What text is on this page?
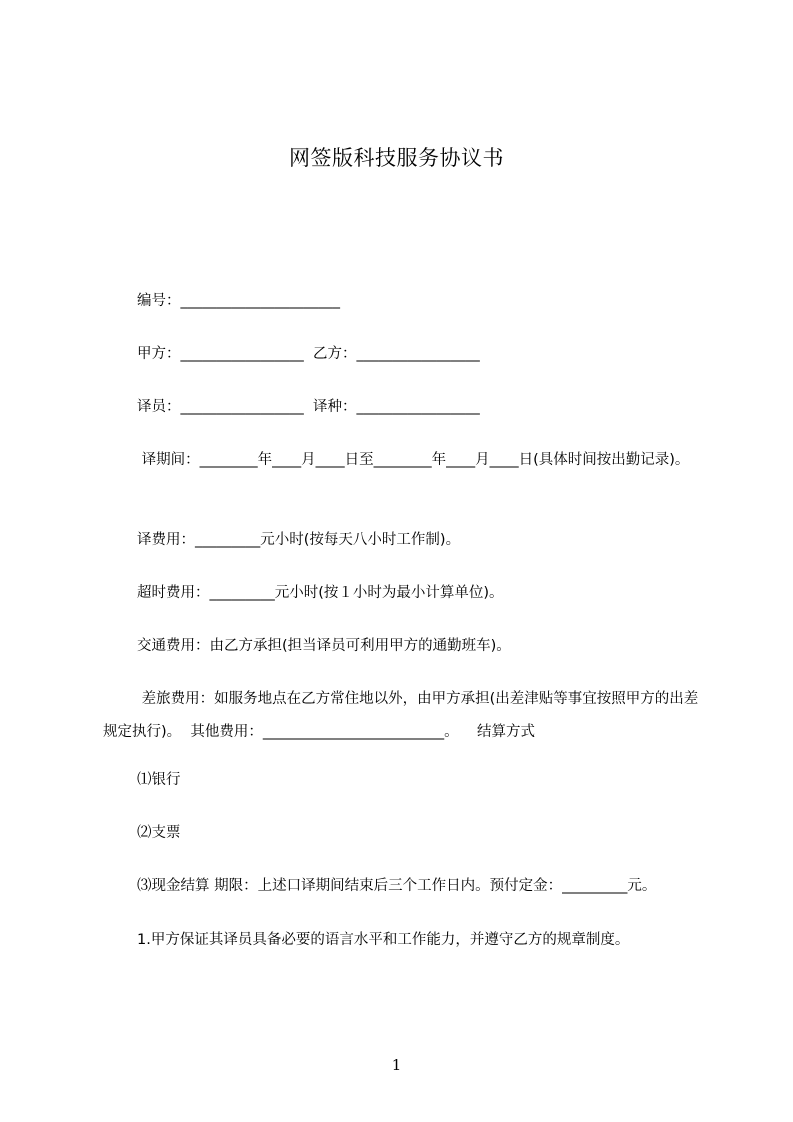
网签版科技服务协议书
编号：______________________
甲方：_________________  乙方：_________________
译员：_________________  译种：_________________
译期间：________年____月____日至________年____月____日(具体时间按出勤记录)。
译费用：_________元小时(按每天八小时工作制)。
超时费用：_________元小时(按１小时为最小计算单位)。
交通费用：由乙方承担(担当译员可利用甲方的通勤班车)。
差旅费用：如服务地点在乙方常住地以外，由甲方承担(出差津贴等事宜按照甲方的出差规定执行)。  其他费用：_________________________。    结算方式
⑴银行
⑵支票
⑶现金结算 期限：上述口译期间结束后三个工作日内。预付定金：_________元。
1.甲方保证其译员具备必要的语言水平和工作能力，并遵守乙方的规章制度。
1
